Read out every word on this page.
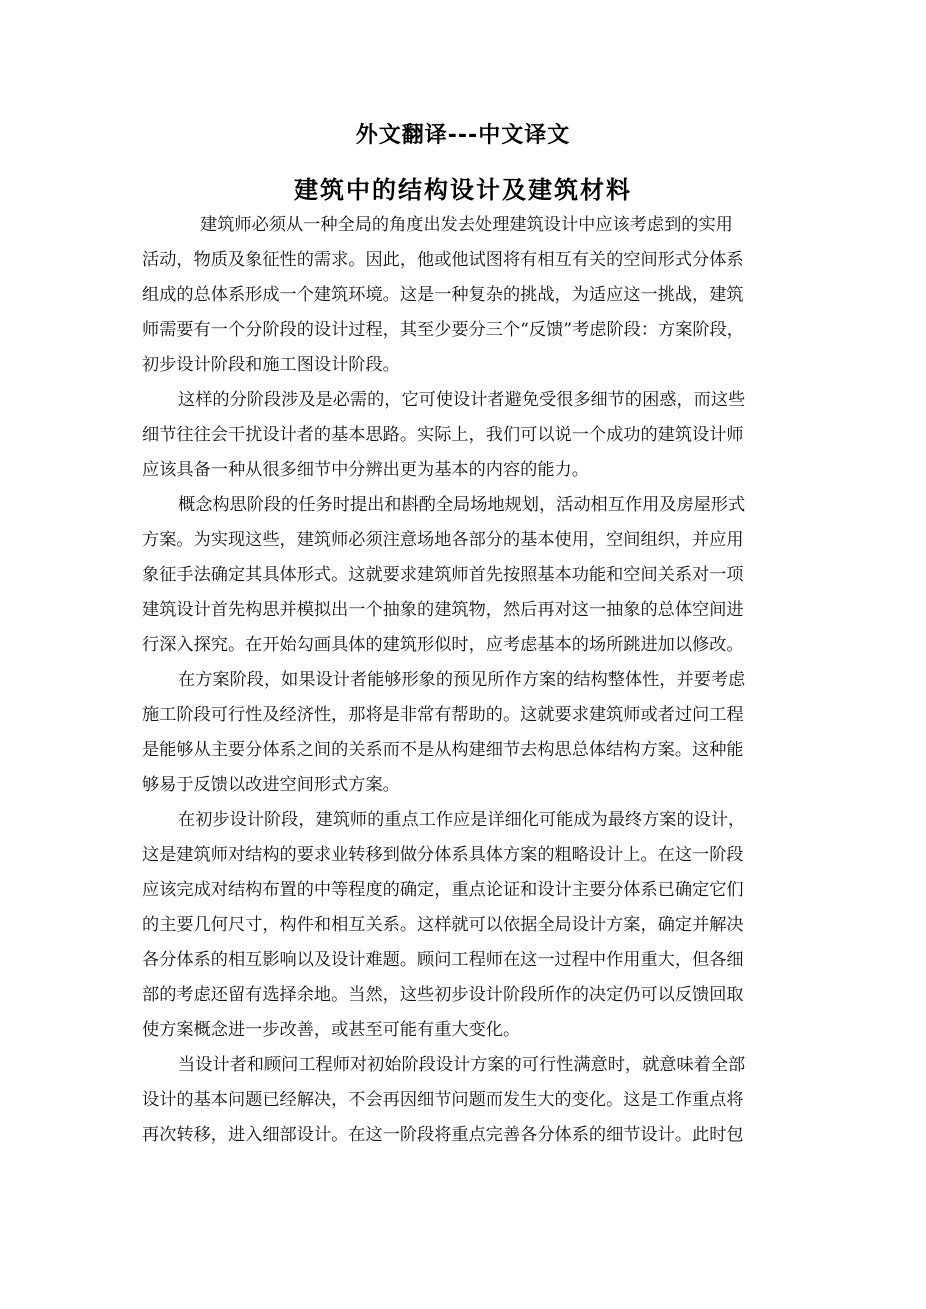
外文翻译---中文译文
建筑中的结构设计及建筑材料
建筑师必须从一种全局的角度出发去处理建筑设计中应该考虑到的实用
活动，物质及象征性的需求。因此，他或他试图将有相互有关的空间形式分体系
组成的总体系形成一个建筑环境。这是一种复杂的挑战，为适应这一挑战，建筑
师需要有一个分阶段的设计过程，其至少要分三个“反馈”考虑阶段：方案阶段，
初步设计阶段和施工图设计阶段。
这样的分阶段涉及是必需的，它可使设计者避免受很多细节的困惑，而这些
细节往往会干扰设计者的基本思路。实际上，我们可以说一个成功的建筑设计师
应该具备一种从很多细节中分辨出更为基本的内容的能力。
概念构思阶段的任务时提出和斟酌全局场地规划，活动相互作用及房屋形式
方案。为实现这些，建筑师必须注意场地各部分的基本使用，空间组织，并应用
象征手法确定其具体形式。这就要求建筑师首先按照基本功能和空间关系对一项
建筑设计首先构思并模拟出一个抽象的建筑物，然后再对这一抽象的总体空间进
行深入探究。在开始勾画具体的建筑形似时，应考虑基本的场所跳进加以修改。
在方案阶段，如果设计者能够形象的预见所作方案的结构整体性，并要考虑
施工阶段可行性及经济性，那将是非常有帮助的。这就要求建筑师或者过问工程
是能够从主要分体系之间的关系而不是从构建细节去构思总体结构方案。这种能
够易于反馈以改进空间形式方案。
在初步设计阶段，建筑师的重点工作应是详细化可能成为最终方案的设计，
这是建筑师对结构的要求业转移到做分体系具体方案的粗略设计上。在这一阶段
应该完成对结构布置的中等程度的确定，重点论证和设计主要分体系已确定它们
的主要几何尺寸，构件和相互关系。这样就可以依据全局设计方案，确定并解决
各分体系的相互影响以及设计难题。顾问工程师在这一过程中作用重大，但各细
部的考虑还留有选择余地。当然，这些初步设计阶段所作的决定仍可以反馈回取
使方案概念进一步改善，或甚至可能有重大变化。
当设计者和顾问工程师对初始阶段设计方案的可行性满意时，就意味着全部
设计的基本问题已经解决，不会再因细节问题而发生大的变化。这是工作重点将
再次转移，进入细部设计。在这一阶段将重点完善各分体系的细节设计。此时包
